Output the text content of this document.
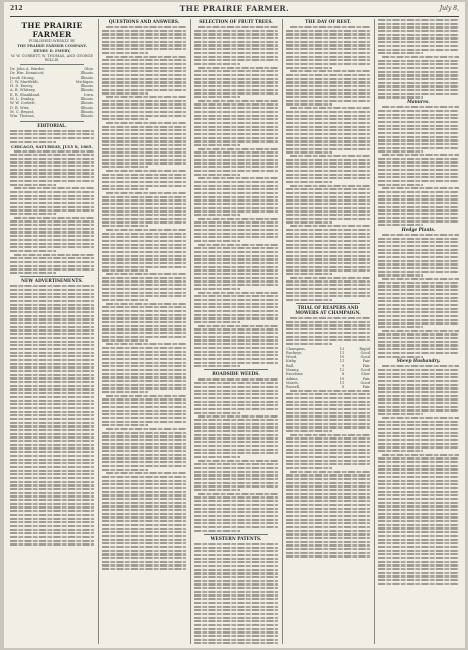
212	THE PRAIRIE FARMER.	July 8,
THE PRAIRIE FARMER
PUBLISHED WEEKLY BY
THE PRAIRIE FARMER COMPANY.
HENRY D. EMERY,
W. W. CORBETT, W. THOMAS, AND GEORGE WILLIS.
Dr. John A. Warder,	Ohio.
Dr. Wm. Kennicott,	Illinois.
Jacob Strong,	Illinois.
C. W. Murtfeldt,	Michigan.
H. D. Emery,	Illinois.
A. R. Whitney,	Illinois.
E. R. Shankland,	Iowa.
M. L. Dunlap,	Illinois.
W. W. Corbett,	Illinois.
D. B. Wier,	Illinois.
M. C. Bryant,	Illinois.
Wm. Thomas,	Illinois.
EDITORIAL.
CHICAGO, SATURDAY, JULY 8, 1865.
NEW ADVERTISEMENTS.
QUESTIONS AND ANSWERS.	SELECTION OF FRUIT TREES.
ROADSIDE WEEDS.
WESTERN PATENTS.
THE DAY OF REST.
TRIAL OF REAPERS AND MOWERS AT CHAMPAIGN.
Champion,	12	Rapid
Buckeye,	11	Good
Wood,	10	Good
Kirby,	11	Fair
Ball,	9	Fair
Manny,	12	Good
Excelsior,	8	Slow
Atkins,	10	Fair
Marsh,	11	Good
Russell,	9	Fair
Manures.
Hedge Plants.
Sheep Husbandry.
